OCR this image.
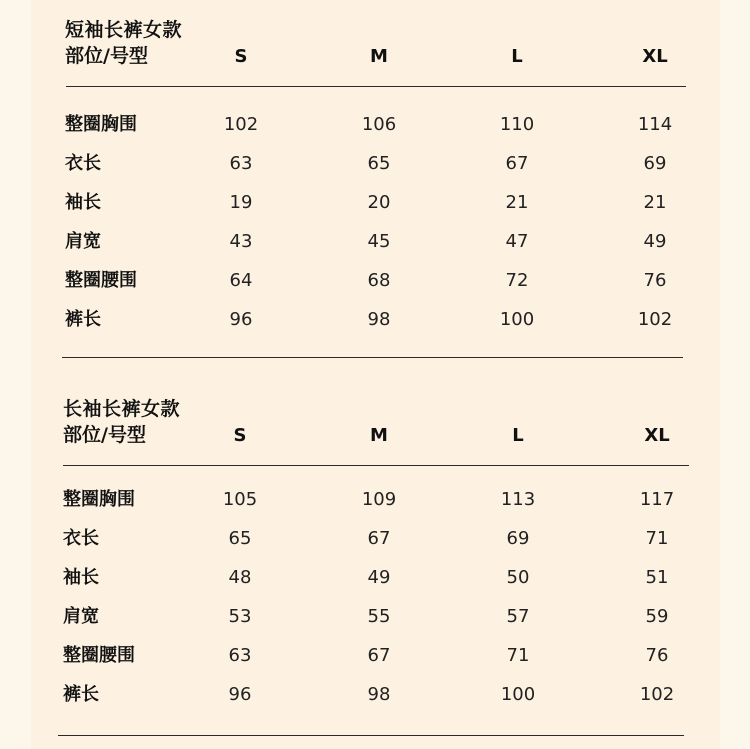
短袖长裤女款
部位/号型	S	M	L	XL
整圈胸围	102	106	110	114
衣长	63	65	67	69
袖长	19	20	21	21
肩宽	43	45	47	49
整圈腰围	64	68	72	76
裤长	96	98	100	102
长袖长裤女款
部位/号型	S	M	L	XL
整圈胸围	105	109	113	117
衣长	65	67	69	71
袖长	48	49	50	51
肩宽	53	55	57	59
整圈腰围	63	67	71	76
裤长	96	98	100	102
